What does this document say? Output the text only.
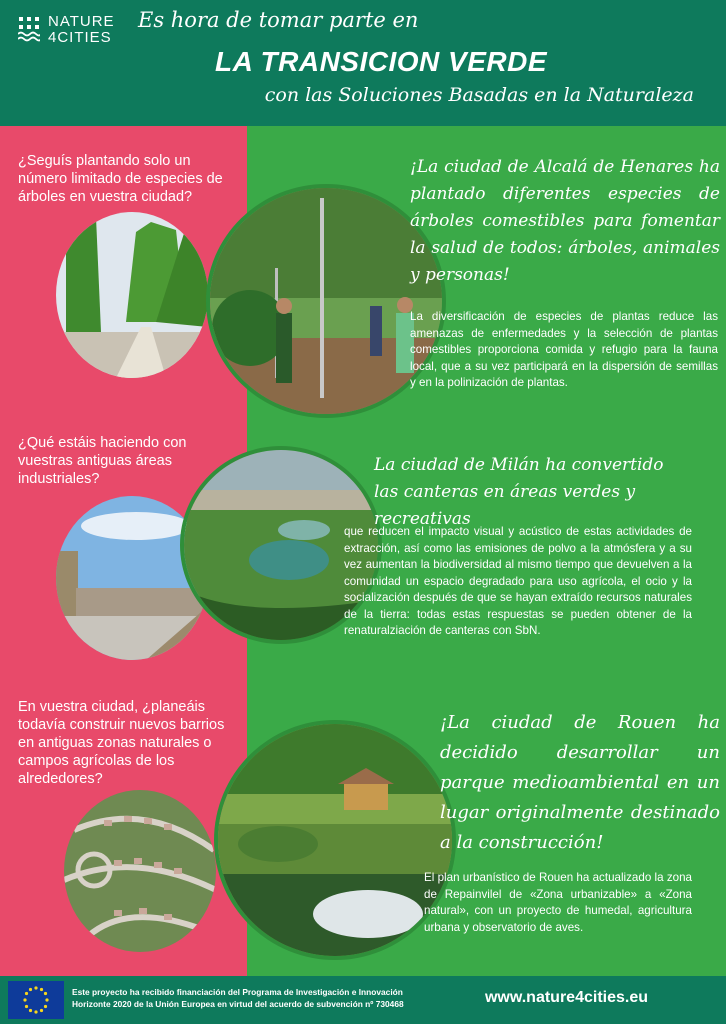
NATURE
4CITIES
Es hora de tomar parte en
LA TRANSICION VERDE
con las Soluciones Basadas en la Naturaleza
¿Seguís plantando solo un número limitado de especies de árboles en vuestra ciudad?
¡La ciudad de Alcalá de Henares ha plantado diferentes especies de árboles comestibles para fomentar la salud de todos: árboles, animales y personas!
La diversificación de especies de plantas reduce las amenazas de enfermedades y la selección de plantas comestibles proporciona comida y refugio para la fauna local, que a su vez participará en la dispersión de semillas y en la polinización de plantas.
¿Qué estáis haciendo con vuestras antiguas áreas industriales?
La ciudad de Milán ha convertido las canteras en áreas verdes y recreativas
que reducen el impacto visual y acústico de estas actividades de extracción, así como las emisiones de polvo a la atmósfera y a su vez aumentan la biodiversidad al mismo tiempo que devuelven a la comunidad un espacio degradado para uso agrícola, el ocio y la socialización después de que se hayan extraído recursos naturales de la tierra: todas estas respuestas se pueden obtener de la renaturalziación de canteras con SbN.
En vuestra ciudad, ¿planeáis todavía construir nuevos barrios en antiguas zonas naturales o campos agrícolas de los alrededores?
¡La ciudad de Rouen ha decidido desarrollar un parque medioambiental en un lugar originalmente destinado a la construcción!
El plan urbanístico de Rouen ha actualizado la zona de Repainvilel de «Zona urbanizable» a «Zona natural», con un proyecto de humedal, agricultura urbana y observatorio de aves.
Este proyecto ha recibido financiación del Programa de Investigación e Innovación Horizonte 2020 de la Unión Europea en virtud del acuerdo de subvención nº 730468	www.nature4cities.eu
